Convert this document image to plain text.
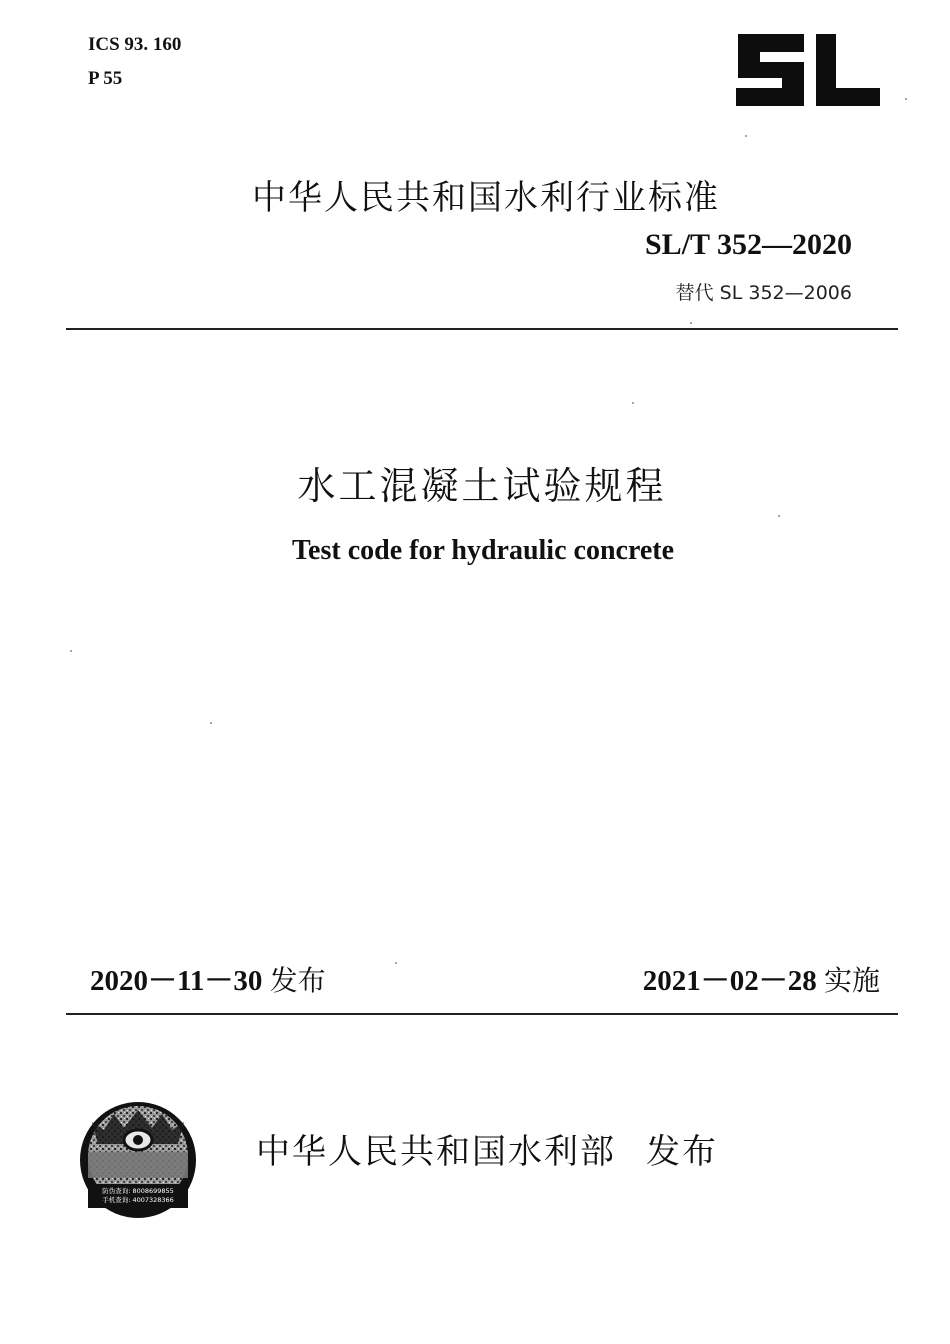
ICS 93. 160
P 55
中华人民共和国水利行业标准
SL/T 352—2020
替代 SL 352—2006
水工混凝土试验规程
Test code for hydraulic concrete
2020－11－30 发布	2021－02－28 实施
防伪查询: 8008699855
手机查询: 4007328366
中华人民共和国水利部 发布
